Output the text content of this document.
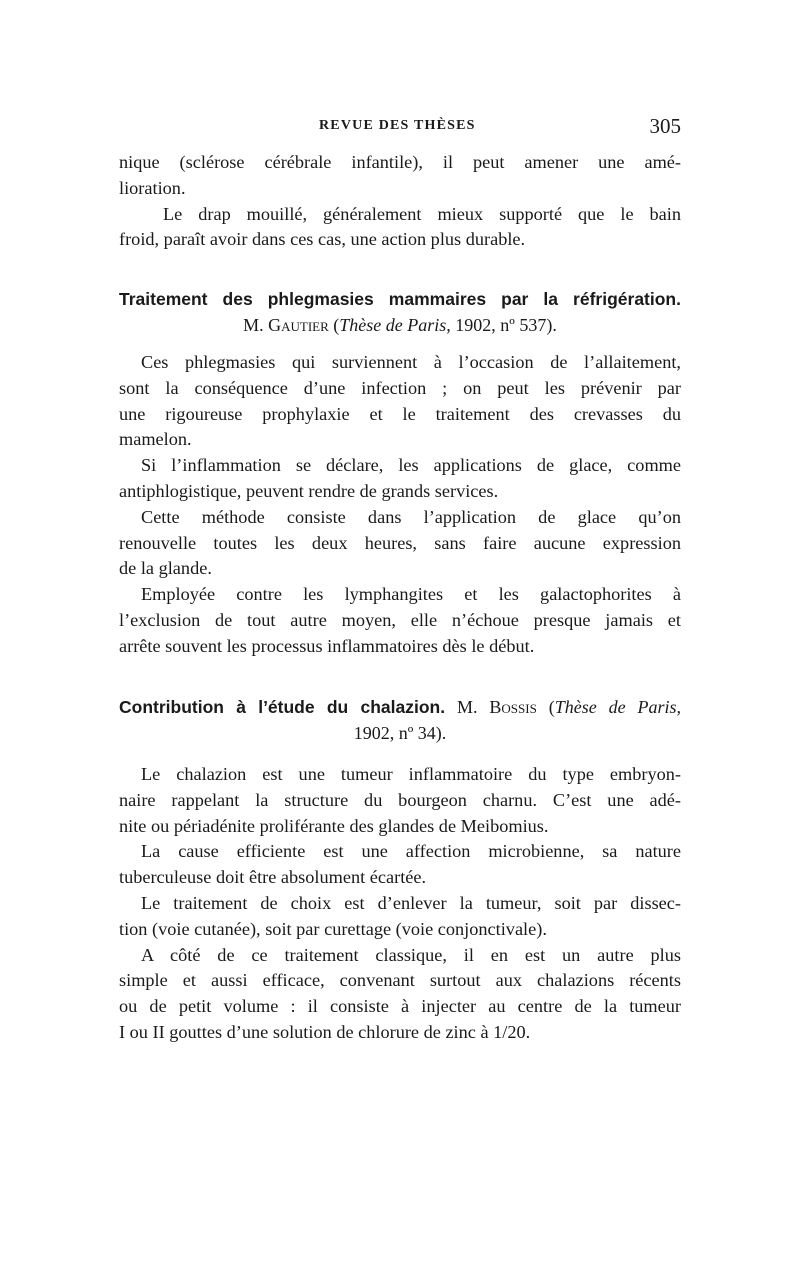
REVUE DES THÈSES	305
nique (sclérose cérébrale infantile), il peut amener une amé-
lioration.
Le drap mouillé, généralement mieux supporté que le bain
froid, paraît avoir dans ces cas, une action plus durable.
Traitement des phlegmasies mammaires par la réfrigération.
M. Gautier (Thèse de Paris, 1902, nº 537).
Ces phlegmasies qui surviennent à l’occasion de l’allaitement,
sont la conséquence d’une infection ; on peut les prévenir par
une rigoureuse prophylaxie et le traitement des crevasses du
mamelon.
Si l’inflammation se déclare, les applications de glace, comme
antiphlogistique, peuvent rendre de grands services.
Cette méthode consiste dans l’application de glace qu’on
renouvelle toutes les deux heures, sans faire aucune expression
de la glande.
Employée contre les lymphangites et les galactophorites à
l’exclusion de tout autre moyen, elle n’échoue presque jamais et
arrête souvent les processus inflammatoires dès le début.
Contribution à l’étude du chalazion. M. Bossis (Thèse de Paris,
1902, nº 34).
Le chalazion est une tumeur inflammatoire du type embryon-
naire rappelant la structure du bourgeon charnu. C’est une adé-
nite ou périadénite proliférante des glandes de Meibomius.
La cause efficiente est une affection microbienne, sa nature
tuberculeuse doit être absolument écartée.
Le traitement de choix est d’enlever la tumeur, soit par dissec-
tion (voie cutanée), soit par curettage (voie conjonctivale).
A côté de ce traitement classique, il en est un autre plus
simple et aussi efficace, convenant surtout aux chalazions récents
ou de petit volume : il consiste à injecter au centre de la tumeur
I ou II gouttes d’une solution de chlorure de zinc à 1/20.
